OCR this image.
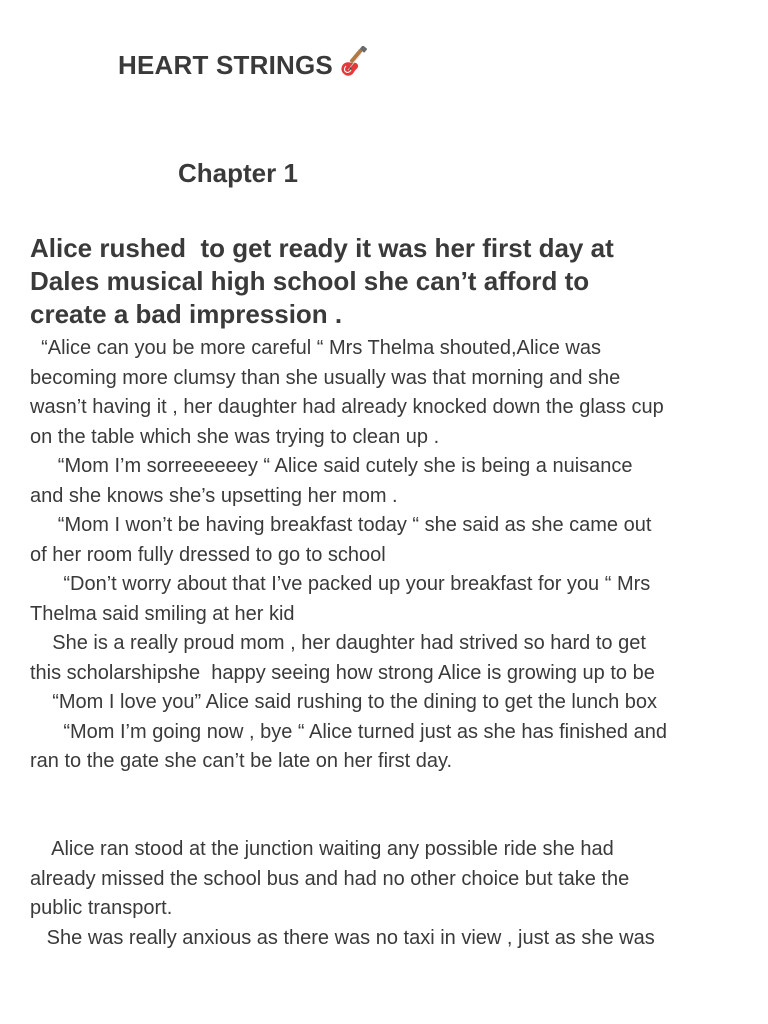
HEART STRINGS
Chapter 1

Alice rushed  to get ready it was her first day at
Dales musical high school she can’t afford to
create a bad impression .

“Alice can you be more careful “ Mrs Thelma shouted,Alice was
becoming more clumsy than she usually was that morning and she
wasn’t having it , her daughter had already knocked down the glass cup
on the table which she was trying to clean up .
“Mom I’m sorreeeeeey “ Alice said cutely she is being a nuisance
and she knows she’s upsetting her mom .
“Mom I won’t be having breakfast today “ she said as she came out
of her room fully dressed to go to school
“Don’t worry about that I’ve packed up your breakfast for you “ Mrs
Thelma said smiling at her kid
She is a really proud mom , her daughter had strived so hard to get
this scholarshipshe  happy seeing how strong Alice is growing up to be
“Mom I love you” Alice said rushing to the dining to get the lunch box
“Mom I’m going now , bye “ Alice turned just as she has finished and
ran to the gate she can’t be late on her first day.
Alice ran stood at the junction waiting any possible ride she had
already missed the school bus and had no other choice but take the
public transport.
She was really anxious as there was no taxi in view , just as she was
